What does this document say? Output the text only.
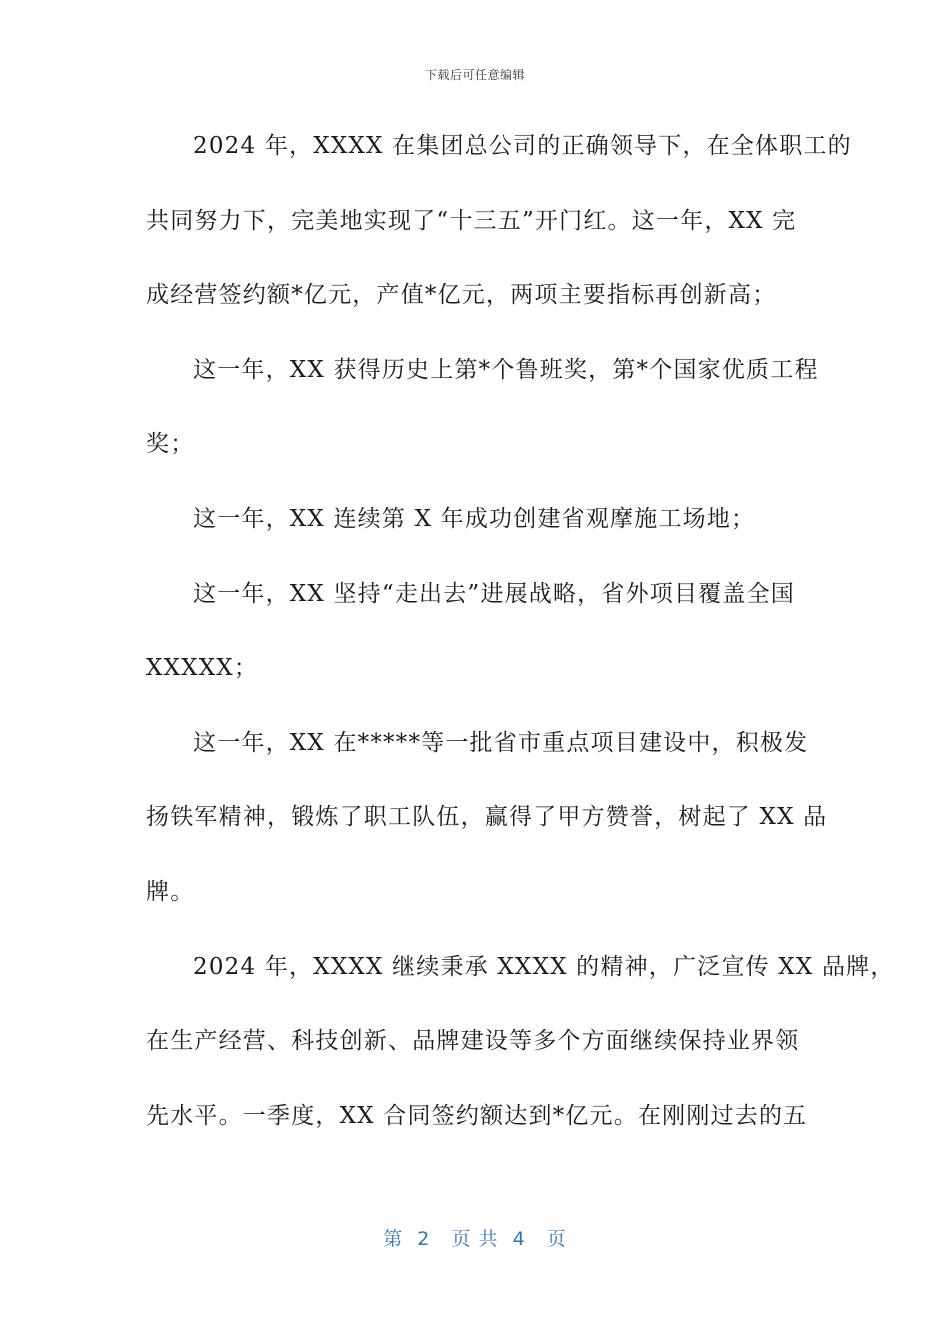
下载后可任意编辑
2024 年，XXXX 在集团总公司的正确领导下，在全体职工的
共同努力下，完美地实现了“十三五”开门红。这一年，XX 完
成经营签约额*亿元，产值*亿元，两项主要指标再创新高；
这一年，XX 获得历史上第*个鲁班奖，第*个国家优质工程
奖；
这一年，XX 连续第 X 年成功创建省观摩施工场地；
这一年，XX 坚持“走出去”进展战略，省外项目覆盖全国
XXXXX；
这一年，XX 在*****等一批省市重点项目建设中，积极发
扬铁军精神，锻炼了职工队伍，赢得了甲方赞誉，树起了 XX 品
牌。
2024 年，XXXX 继续秉承 XXXX 的精神，广泛宣传 XX 品牌，
在生产经营、科技创新、品牌建设等多个方面继续保持业界领
先水平。一季度，XX 合同签约额达到*亿元。在刚刚过去的五
第  2   页 共  4   页
